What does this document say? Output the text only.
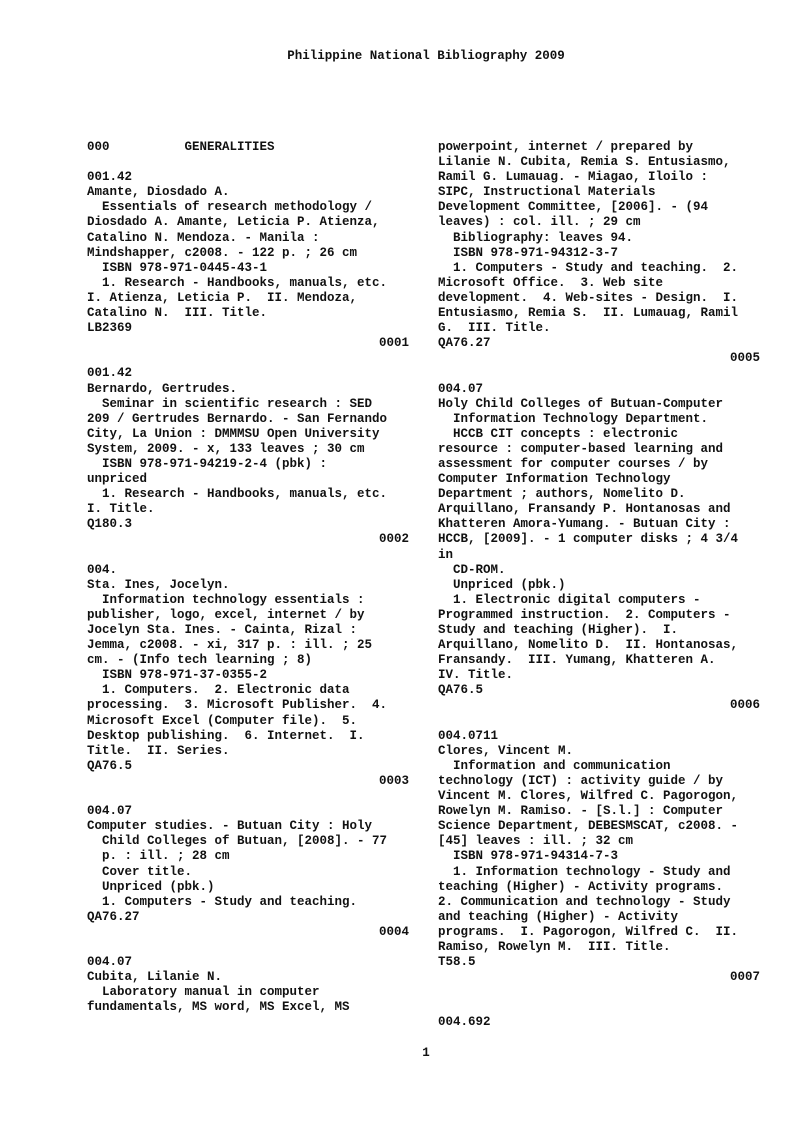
Philippine National Bibliography 2009
000	GENERALITIES
001.42
Amante, Diosdado A.
Essentials of research methodology /
Diosdado A. Amante, Leticia P. Atienza,
Catalino N. Mendoza. - Manila :
Mindshapper, c2008. - 122 p. ; 26 cm
ISBN 978-971-0445-43-1
1. Research - Handbooks, manuals, etc.
I. Atienza, Leticia P.  II. Mendoza,
Catalino N.  III. Title.
LB2369
0001
001.42
Bernardo, Gertrudes.
Seminar in scientific research : SED
209 / Gertrudes Bernardo. - San Fernando
City, La Union : DMMMSU Open University
System, 2009. - x, 133 leaves ; 30 cm
ISBN 978-971-94219-2-4 (pbk) :
unpriced
1. Research - Handbooks, manuals, etc.
I. Title.
Q180.3
0002
004.
Sta. Ines, Jocelyn.
Information technology essentials :
publisher, logo, excel, internet / by
Jocelyn Sta. Ines. - Cainta, Rizal :
Jemma, c2008. - xi, 317 p. : ill. ; 25
cm. - (Info tech learning ; 8)
ISBN 978-971-37-0355-2
1. Computers.  2. Electronic data
processing.  3. Microsoft Publisher.  4.
Microsoft Excel (Computer file).  5.
Desktop publishing.  6. Internet.  I.
Title.  II. Series.
QA76.5
0003
004.07
Computer studies. - Butuan City : Holy
Child Colleges of Butuan, [2008]. - 77
p. : ill. ; 28 cm
Cover title.
Unpriced (pbk.)
1. Computers - Study and teaching.
QA76.27
0004
004.07
Cubita, Lilanie N.
Laboratory manual in computer
fundamentals, MS word, MS Excel, MS
powerpoint, internet / prepared by
Lilanie N. Cubita, Remia S. Entusiasmo,
Ramil G. Lumauag. - Miagao, Iloilo :
SIPC, Instructional Materials
Development Committee, [2006]. - (94
leaves) : col. ill. ; 29 cm
Bibliography: leaves 94.
ISBN 978-971-94312-3-7
1. Computers - Study and teaching.  2.
Microsoft Office.  3. Web site
development.  4. Web-sites - Design.  I.
Entusiasmo, Remia S.  II. Lumauag, Ramil
G.  III. Title.
QA76.27
0005
004.07
Holy Child Colleges of Butuan-Computer
Information Technology Department.
HCCB CIT concepts : electronic
resource : computer-based learning and
assessment for computer courses / by
Computer Information Technology
Department ; authors, Nomelito D.
Arquillano, Fransandy P. Hontanosas and
Khatteren Amora-Yumang. - Butuan City :
HCCB, [2009]. - 1 computer disks ; 4 3/4
in
CD-ROM.
Unpriced (pbk.)
1. Electronic digital computers -
Programmed instruction.  2. Computers -
Study and teaching (Higher).  I.
Arquillano, Nomelito D.  II. Hontanosas,
Fransandy.  III. Yumang, Khatteren A.
IV. Title.
QA76.5
0006
004.0711
Clores, Vincent M.
Information and communication
technology (ICT) : activity guide / by
Vincent M. Clores, Wilfred C. Pagorogon,
Rowelyn M. Ramiso. - [S.l.] : Computer
Science Department, DEBESMSCAT, c2008. -
[45] leaves : ill. ; 32 cm
ISBN 978-971-94314-7-3
1. Information technology - Study and
teaching (Higher) - Activity programs.
2. Communication and technology - Study
and teaching (Higher) - Activity
programs.  I. Pagorogon, Wilfred C.  II.
Ramiso, Rowelyn M.  III. Title.
T58.5
0007
004.692
1
